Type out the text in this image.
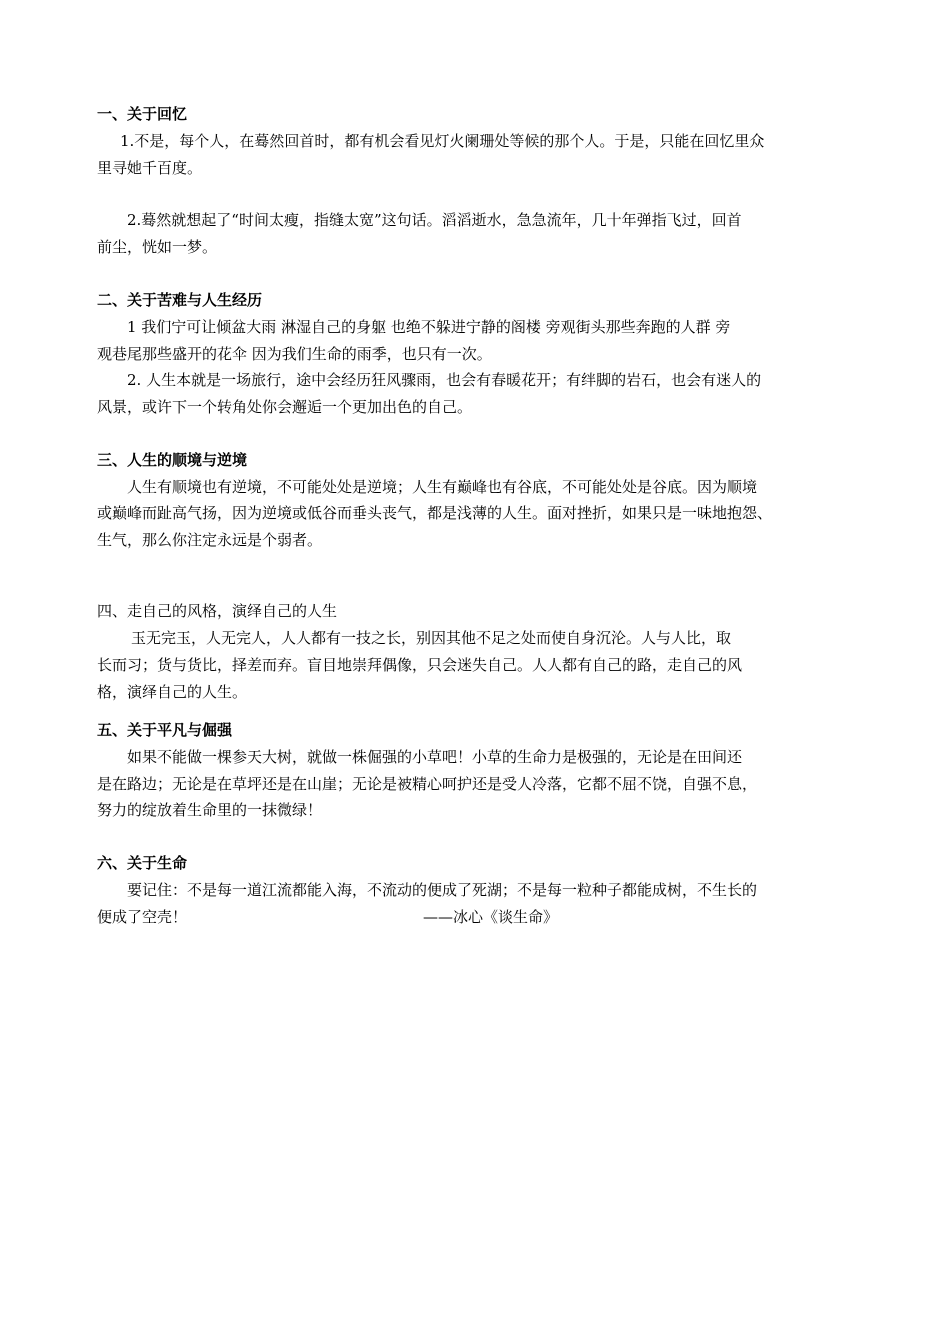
一、关于回忆
1.不是，每个人，在蓦然回首时，都有机会看见灯火阑珊处等候的那个人。于是，只能在回忆里众
里寻她千百度。
2.蓦然就想起了“时间太瘦，指缝太宽”这句话。滔滔逝水，急急流年，几十年弹指飞过，回首
前尘，恍如一梦。
二、关于苦难与人生经历
1 我们宁可让倾盆大雨 淋湿自己的身躯 也绝不躲进宁静的阁楼 旁观街头那些奔跑的人群 旁
观巷尾那些盛开的花伞 因为我们生命的雨季，也只有一次。
2. 人生本就是一场旅行，途中会经历狂风骤雨，也会有春暖花开；有绊脚的岩石，也会有迷人的
风景，或许下一个转角处你会邂逅一个更加出色的自己。
三、人生的顺境与逆境
人生有顺境也有逆境，不可能处处是逆境；人生有巅峰也有谷底，不可能处处是谷底。因为顺境
或巅峰而趾高气扬，因为逆境或低谷而垂头丧气，都是浅薄的人生。面对挫折，如果只是一味地抱怨、
生气，那么你注定永远是个弱者。
四、走自己的风格，演绎自己的人生
玉无完玉，人无完人，人人都有一技之长，别因其他不足之处而使自身沉沦。人与人比，取
长而习；货与货比，择差而弃。盲目地崇拜偶像，只会迷失自己。人人都有自己的路，走自己的风
格，演绎自己的人生。
五、关于平凡与倔强
如果不能做一棵参天大树，就做一株倔强的小草吧！小草的生命力是极强的，无论是在田间还
是在路边；无论是在草坪还是在山崖；无论是被精心呵护还是受人冷落，它都不屈不饶，自强不息，
努力的绽放着生命里的一抹微绿！
六、关于生命
要记住：不是每一道江流都能入海，不流动的便成了死湖；不是每一粒种子都能成树，不生长的
便成了空壳！	——冰心《谈生命》
